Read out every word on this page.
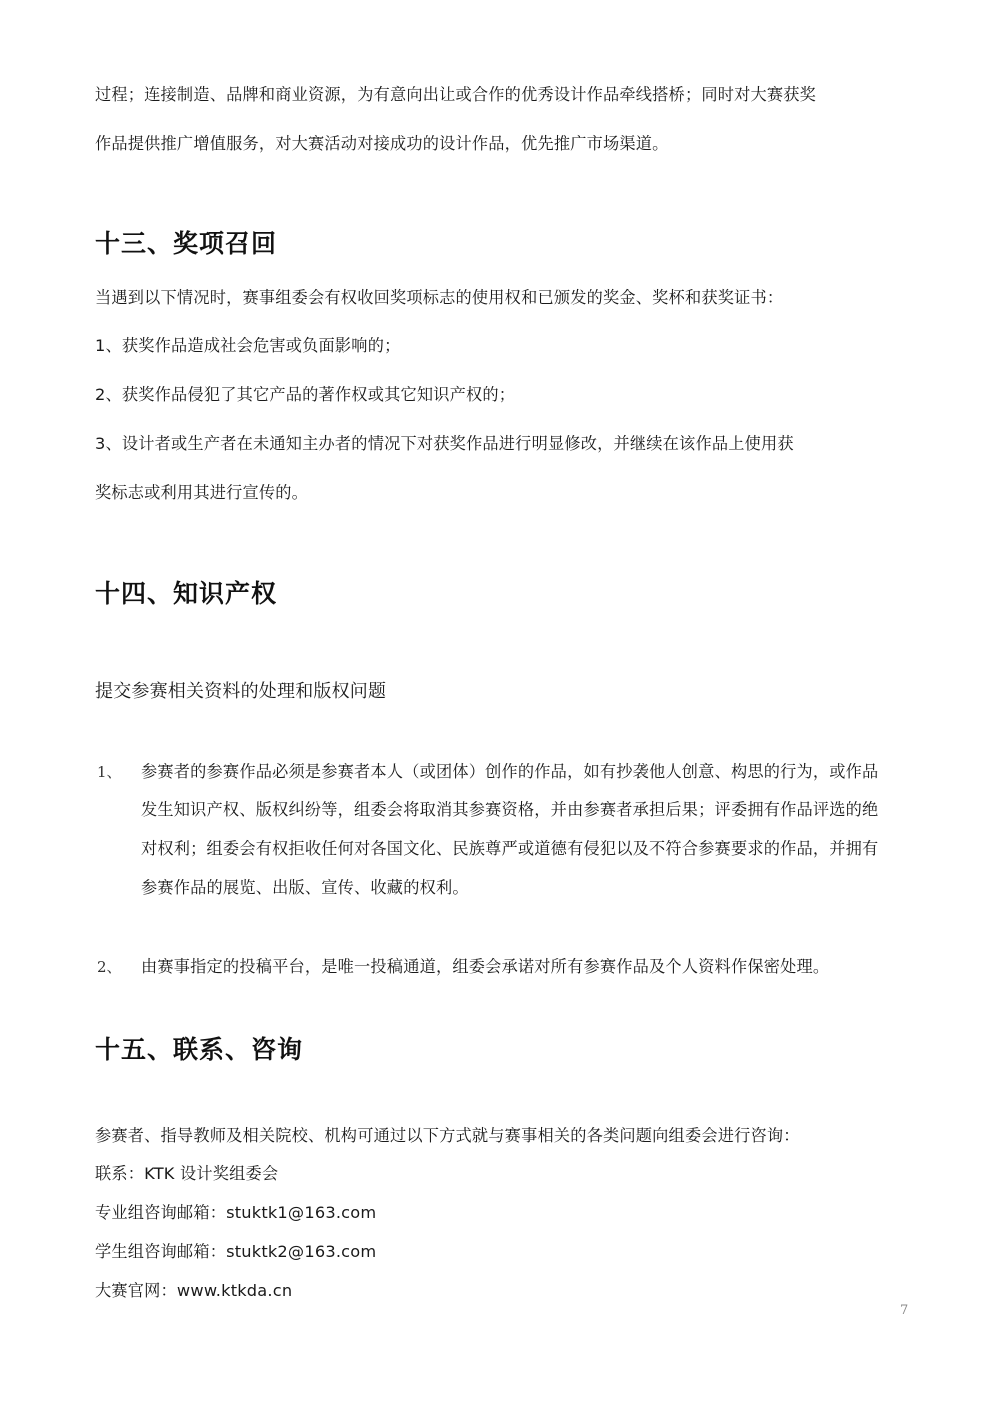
过程；连接制造、品牌和商业资源，为有意向出让或合作的优秀设计作品牵线搭桥；同时对大赛获奖

作品提供推广增值服务，对大赛活动对接成功的设计作品，优先推广市场渠道。

十三、奖项召回

当遇到以下情况时，赛事组委会有权收回奖项标志的使用权和已颁发的奖金、奖杯和获奖证书：

1、获奖作品造成社会危害或负面影响的；

2、获奖作品侵犯了其它产品的著作权或其它知识产权的；

3、设计者或生产者在未通知主办者的情况下对获奖作品进行明显修改，并继续在该作品上使用获

奖标志或利用其进行宣传的。

十四、知识产权

提交参赛相关资料的处理和版权问题

1、 参赛者的参赛作品必须是参赛者本人（或团体）创作的作品，如有抄袭他人创意、构思的行为，或作品

发生知识产权、版权纠纷等，组委会将取消其参赛资格，并由参赛者承担后果；评委拥有作品评选的绝

对权利；组委会有权拒收任何对各国文化、民族尊严或道德有侵犯以及不符合参赛要求的作品，并拥有

参赛作品的展览、出版、宣传、收藏的权利。

2、 由赛事指定的投稿平台，是唯一投稿通道，组委会承诺对所有参赛作品及个人资料作保密处理。

十五、联系、咨询

参赛者、指导教师及相关院校、机构可通过以下方式就与赛事相关的各类问题向组委会进行咨询：

联系：KTK 设计奖组委会

专业组咨询邮箱：stuktk1@163.com

学生组咨询邮箱：stuktk2@163.com

大赛官网：www.ktkda.cn

7
